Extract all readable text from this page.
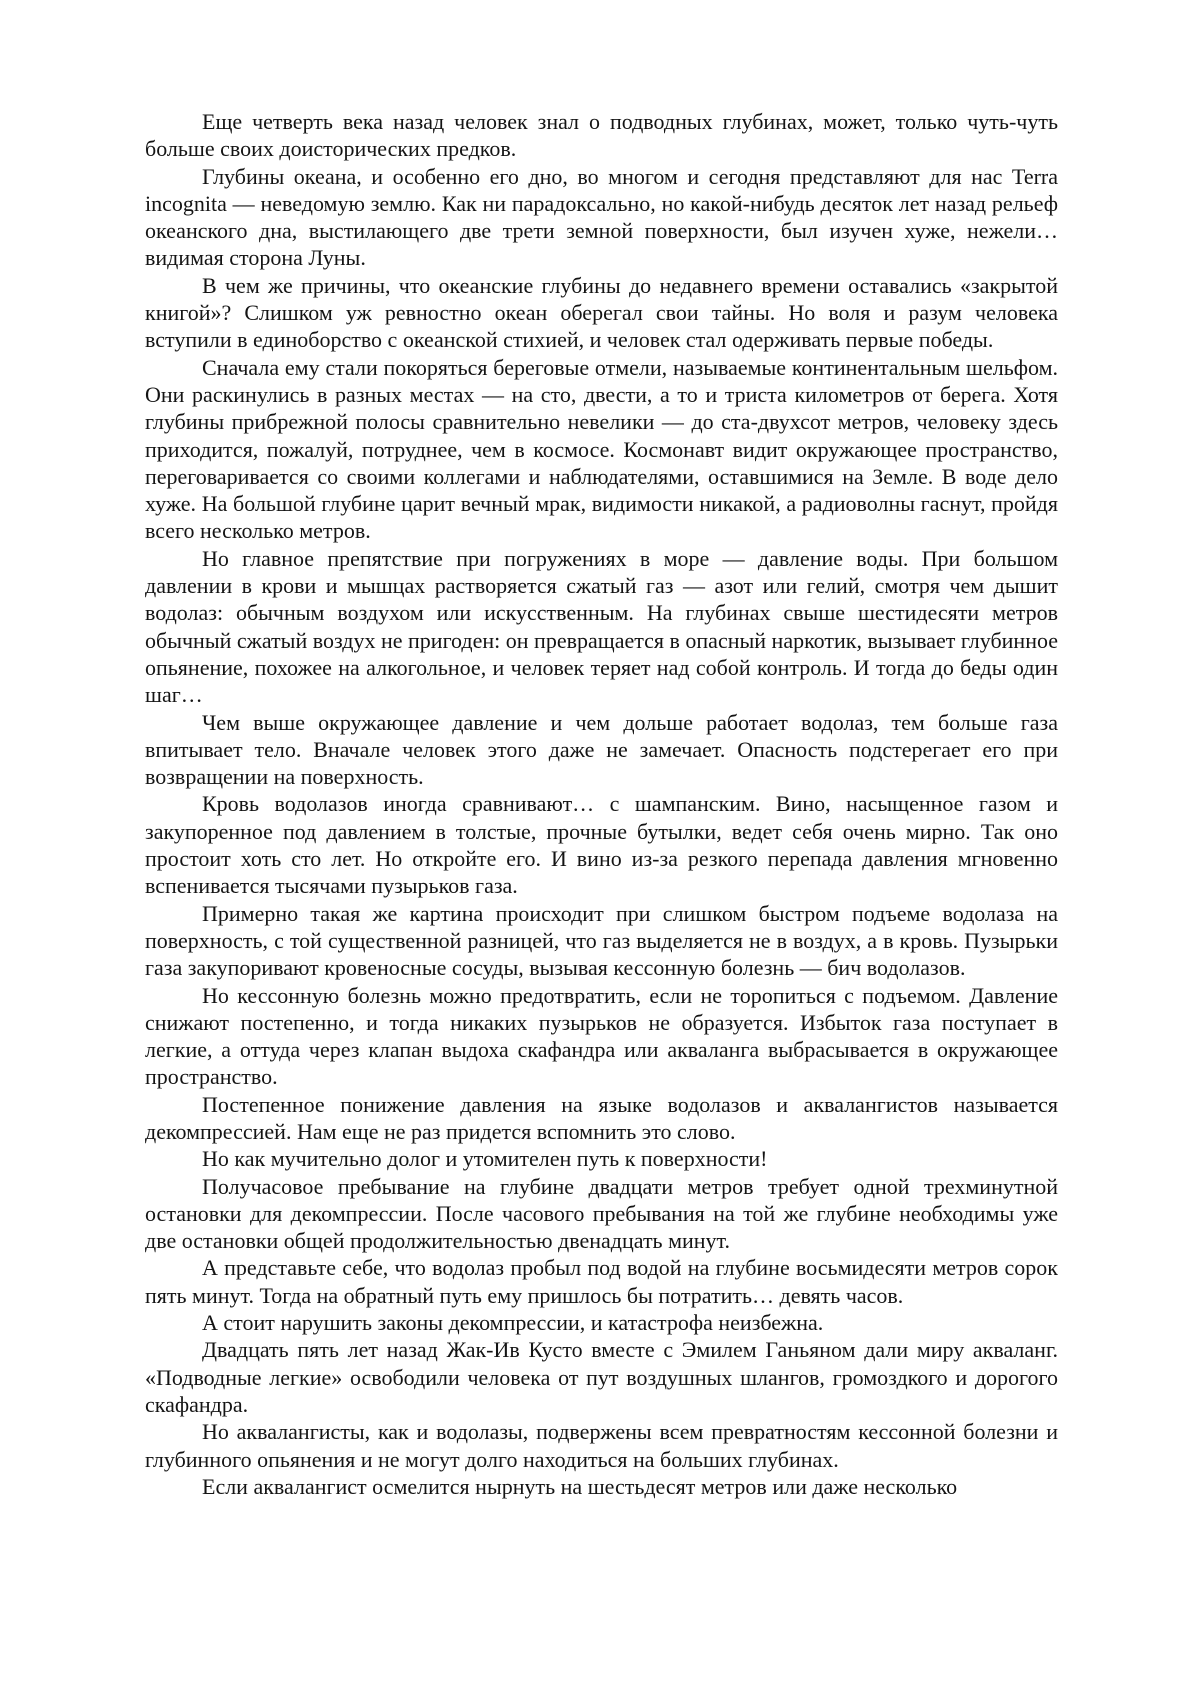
Еще четверть века назад человек знал о подводных глубинах, может, только чуть-чуть больше своих доисторических предков.

Глубины океана, и особенно его дно, во многом и сегодня представляют для нас Terra incognita — неведомую землю. Как ни парадоксально, но какой-нибудь десяток лет назад рельеф океанского дна, выстилающего две трети земной поверхности, был изучен хуже, нежели… видимая сторона Луны.

В чем же причины, что океанские глубины до недавнего времени оставались «закрытой книгой»? Слишком уж ревностно океан оберегал свои тайны. Но воля и разум человека вступили в единоборство с океанской стихией, и человек стал одерживать первые победы.

Сначала ему стали покоряться береговые отмели, называемые континентальным шельфом. Они раскинулись в разных местах — на сто, двести, а то и триста километров от берега. Хотя глубины прибрежной полосы сравнительно невелики — до ста-двухсот метров, человеку здесь приходится, пожалуй, потруднее, чем в космосе. Космонавт видит окружающее пространство, переговаривается со своими коллегами и наблюдателями, оставшимися на Земле. В воде дело хуже. На большой глубине царит вечный мрак, видимости никакой, а радиоволны гаснут, пройдя всего несколько метров.

Но главное препятствие при погружениях в море — давление воды. При большом давлении в крови и мышцах растворяется сжатый газ — азот или гелий, смотря чем дышит водолаз: обычным воздухом или искусственным. На глубинах свыше шестидесяти метров обычный сжатый воздух не пригоден: он превращается в опасный наркотик, вызывает глубинное опьянение, похожее на алкогольное, и человек теряет над собой контроль. И тогда до беды один шаг…

Чем выше окружающее давление и чем дольше работает водолаз, тем больше газа впитывает тело. Вначале человек этого даже не замечает. Опасность подстерегает его при возвращении на поверхность.

Кровь водолазов иногда сравнивают… с шампанским. Вино, насыщенное газом и закупоренное под давлением в толстые, прочные бутылки, ведет себя очень мирно. Так оно простоит хоть сто лет. Но откройте его. И вино из-за резкого перепада давления мгновенно вспенивается тысячами пузырьков газа.

Примерно такая же картина происходит при слишком быстром подъеме водолаза на поверхность, с той существенной разницей, что газ выделяется не в воздух, а в кровь. Пузырьки газа закупоривают кровеносные сосуды, вызывая кессонную болезнь — бич водолазов.

Но кессонную болезнь можно предотвратить, если не торопиться с подъемом. Давление снижают постепенно, и тогда никаких пузырьков не образуется. Избыток газа поступает в легкие, а оттуда через клапан выдоха скафандра или акваланга выбрасывается в окружающее пространство.

Постепенное понижение давления на языке водолазов и аквалангистов называется декомпрессией. Нам еще не раз придется вспомнить это слово.

Но как мучительно долог и утомителен путь к поверхности!

Получасовое пребывание на глубине двадцати метров требует одной трехминутной остановки для декомпрессии. После часового пребывания на той же глубине необходимы уже две остановки общей продолжительностью двенадцать минут.

А представьте себе, что водолаз пробыл под водой на глубине восьмидесяти метров сорок пять минут. Тогда на обратный путь ему пришлось бы потратить… девять часов.

А стоит нарушить законы декомпрессии, и катастрофа неизбежна.

Двадцать пять лет назад Жак-Ив Кусто вместе с Эмилем Ганьяном дали миру акваланг. «Подводные легкие» освободили человека от пут воздушных шлангов, громоздкого и дорогого скафандра.

Но аквалангисты, как и водолазы, подвержены всем превратностям кессонной болезни и глубинного опьянения и не могут долго находиться на больших глубинах.

Если аквалангист осмелится нырнуть на шестьдесят метров или даже несколько
